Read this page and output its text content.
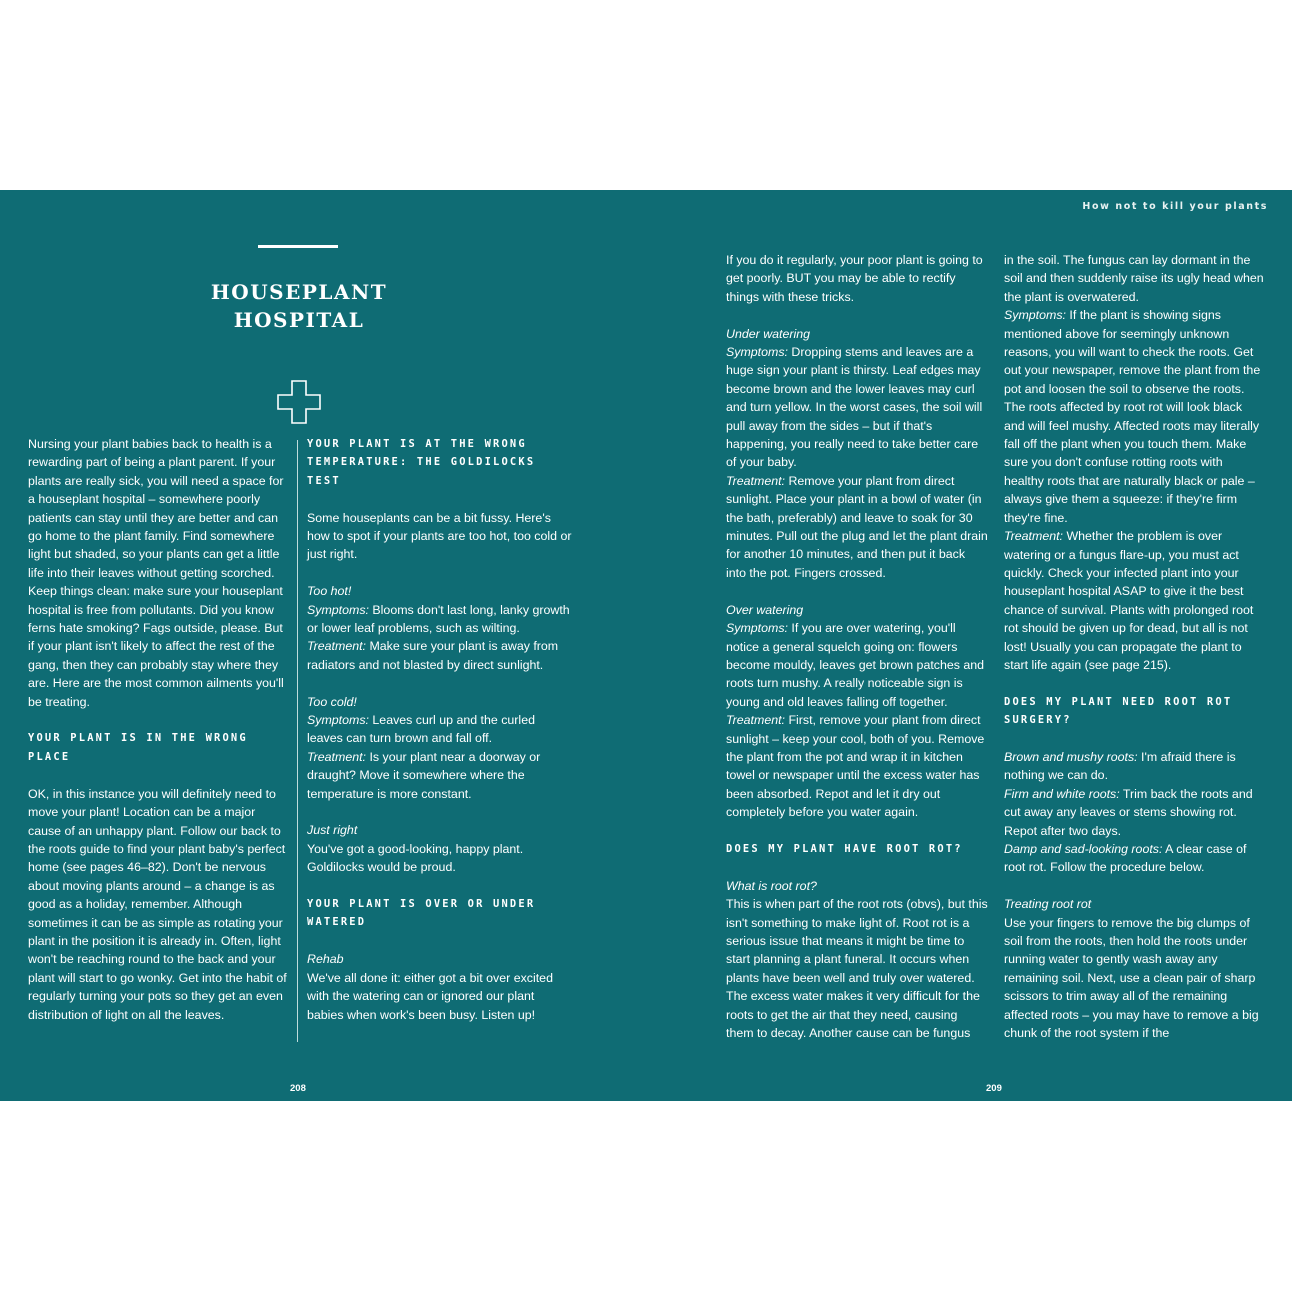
How not to kill your plants
HOUSEPLANT
HOSPITAL

Nursing your plant babies back to health is a rewarding part of being a plant parent. If your plants are really sick, you will need a space for a houseplant hospital – somewhere poorly patients can stay until they are better and can go home to the plant family. Find somewhere light but shaded, so your plants can get a little life into their leaves without getting scorched. Keep things clean: make sure your houseplant hospital is free from pollutants. Did you know ferns hate smoking? Fags outside, please. But if your plant isn't likely to affect the rest of the gang, then they can probably stay where they are. Here are the most common ailments you'll be treating.

YOUR PLANT IS IN THE WRONG PLACE

OK, in this instance you will definitely need to move your plant! Location can be a major cause of an unhappy plant. Follow our back to the roots guide to find your plant baby's perfect home (see pages 46–82). Don't be nervous about moving plants around – a change is as good as a holiday, remember. Although sometimes it can be as simple as rotating your plant in the position it is already in. Often, light won't be reaching round to the back and your plant will start to go wonky. Get into the habit of regularly turning your pots so they get an even distribution of light on all the leaves.

YOUR PLANT IS AT THE WRONG TEMPERATURE: THE GOLDILOCKS TEST

Some houseplants can be a bit fussy. Here's how to spot if your plants are too hot, too cold or just right.

Too hot!

Symptoms: Blooms don't last long, lanky growth or lower leaf problems, such as wilting.

Treatment: Make sure your plant is away from radiators and not blasted by direct sunlight.

Too cold!

Symptoms: Leaves curl up and the curled leaves can turn brown and fall off.

Treatment: Is your plant near a doorway or draught? Move it somewhere where the temperature is more constant.

Just right

You've got a good-looking, happy plant. Goldilocks would be proud.

YOUR PLANT IS OVER OR UNDER WATERED

Rehab

We've all done it: either got a bit over excited with the watering can or ignored our plant babies when work's been busy. Listen up!

If you do it regularly, your poor plant is going to get poorly. BUT you may be able to rectify things with these tricks.

Under watering

Symptoms: Dropping stems and leaves are a huge sign your plant is thirsty. Leaf edges may become brown and the lower leaves may curl and turn yellow. In the worst cases, the soil will pull away from the sides – but if that's happening, you really need to take better care of your baby.

Treatment: Remove your plant from direct sunlight. Place your plant in a bowl of water (in the bath, preferably) and leave to soak for 30 minutes. Pull out the plug and let the plant drain for another 10 minutes, and then put it back into the pot. Fingers crossed.

Over watering

Symptoms: If you are over watering, you'll notice a general squelch going on: flowers become mouldy, leaves get brown patches and roots turn mushy. A really noticeable sign is young and old leaves falling off together.

Treatment: First, remove your plant from direct sunlight – keep your cool, both of you. Remove the plant from the pot and wrap it in kitchen towel or newspaper until the excess water has been absorbed. Repot and let it dry out completely before you water again.

DOES MY PLANT HAVE ROOT ROT?

What is root rot?

This is when part of the root rots (obvs), but this isn't something to make light of. Root rot is a serious issue that means it might be time to start planning a plant funeral. It occurs when plants have been well and truly over watered. The excess water makes it very difficult for the roots to get the air that they need, causing them to decay. Another cause can be fungus

in the soil. The fungus can lay dormant in the soil and then suddenly raise its ugly head when the plant is overwatered.

Symptoms: If the plant is showing signs mentioned above for seemingly unknown reasons, you will want to check the roots. Get out your newspaper, remove the plant from the pot and loosen the soil to observe the roots. The roots affected by root rot will look black and will feel mushy. Affected roots may literally fall off the plant when you touch them. Make sure you don't confuse rotting roots with healthy roots that are naturally black or pale – always give them a squeeze: if they're firm they're fine.

Treatment: Whether the problem is over watering or a fungus flare-up, you must act quickly. Check your infected plant into your houseplant hospital ASAP to give it the best chance of survival. Plants with prolonged root rot should be given up for dead, but all is not lost! Usually you can propagate the plant to start life again (see page 215).

DOES MY PLANT NEED ROOT ROT SURGERY?

Brown and mushy roots: I'm afraid there is nothing we can do.

Firm and white roots: Trim back the roots and cut away any leaves or stems showing rot. Repot after two days.

Damp and sad-looking roots: A clear case of root rot. Follow the procedure below.

Treating root rot

Use your fingers to remove the big clumps of soil from the roots, then hold the roots under running water to gently wash away any remaining soil. Next, use a clean pair of sharp scissors to trim away all of the remaining affected roots – you may have to remove a big chunk of the root system if the

208	209
